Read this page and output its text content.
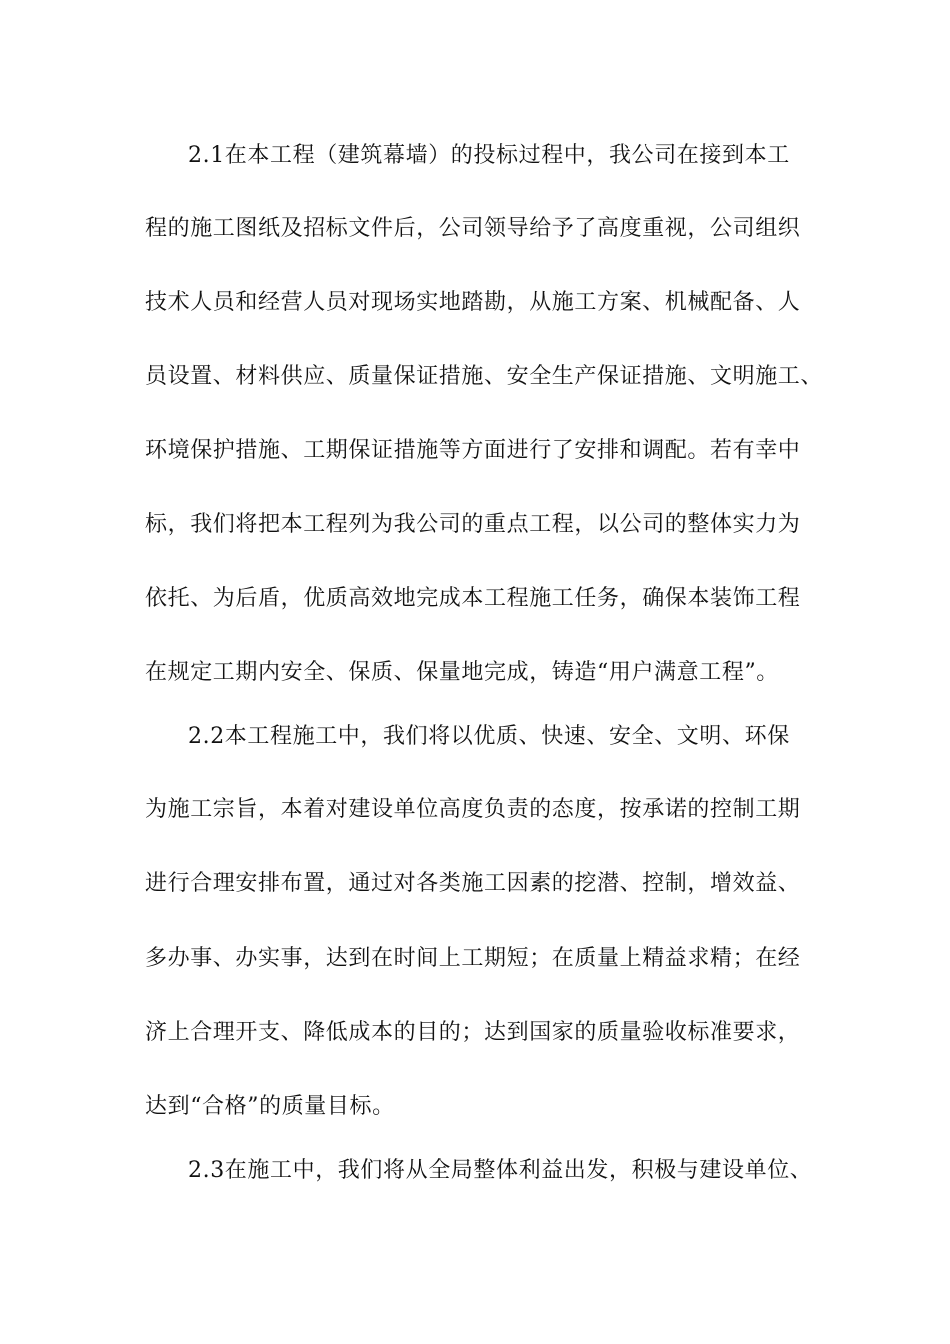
2.1在本工程（建筑幕墙）的投标过程中，我公司在接到本工

程的施工图纸及招标文件后，公司领导给予了高度重视，公司组织

技术人员和经营人员对现场实地踏勘，从施工方案、机械配备、人

员设置、材料供应、质量保证措施、安全生产保证措施、文明施工、

环境保护措施、工期保证措施等方面进行了安排和调配。若有幸中

标，我们将把本工程列为我公司的重点工程，以公司的整体实力为

依托、为后盾，优质高效地完成本工程施工任务，确保本装饰工程

在规定工期内安全、保质、保量地完成，铸造“用户满意工程”。

2.2本工程施工中，我们将以优质、快速、安全、文明、环保

为施工宗旨，本着对建设单位高度负责的态度，按承诺的控制工期

进行合理安排布置，通过对各类施工因素的挖潜、控制，增效益、

多办事、办实事，达到在时间上工期短；在质量上精益求精；在经

济上合理开支、降低成本的目的；达到国家的质量验收标准要求，

达到“合格”的质量目标。

2.3在施工中，我们将从全局整体利益出发，积极与建设单位、
